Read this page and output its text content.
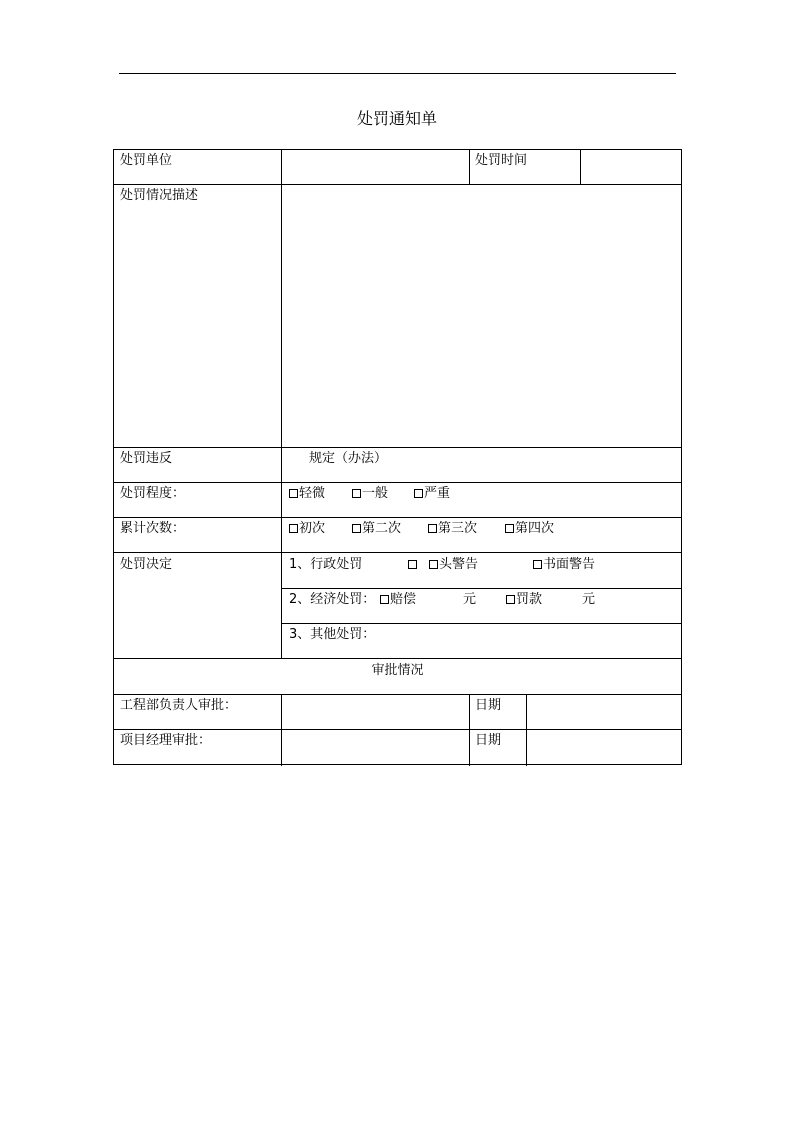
处罚通知单
处罚单位	处罚时间
处罚情况描述
处罚违反	规定（办法）
处罚程度：	轻微	一般	严重
累计次数：	初次	第二次	第三次	第四次
处罚决定	1、行政处罚	头警告	书面警告
2、经济处罚：	赔偿	元	罚款	元
3、其他处罚：
审批情况
工程部负责人审批：	日期
项目经理审批：	日期
